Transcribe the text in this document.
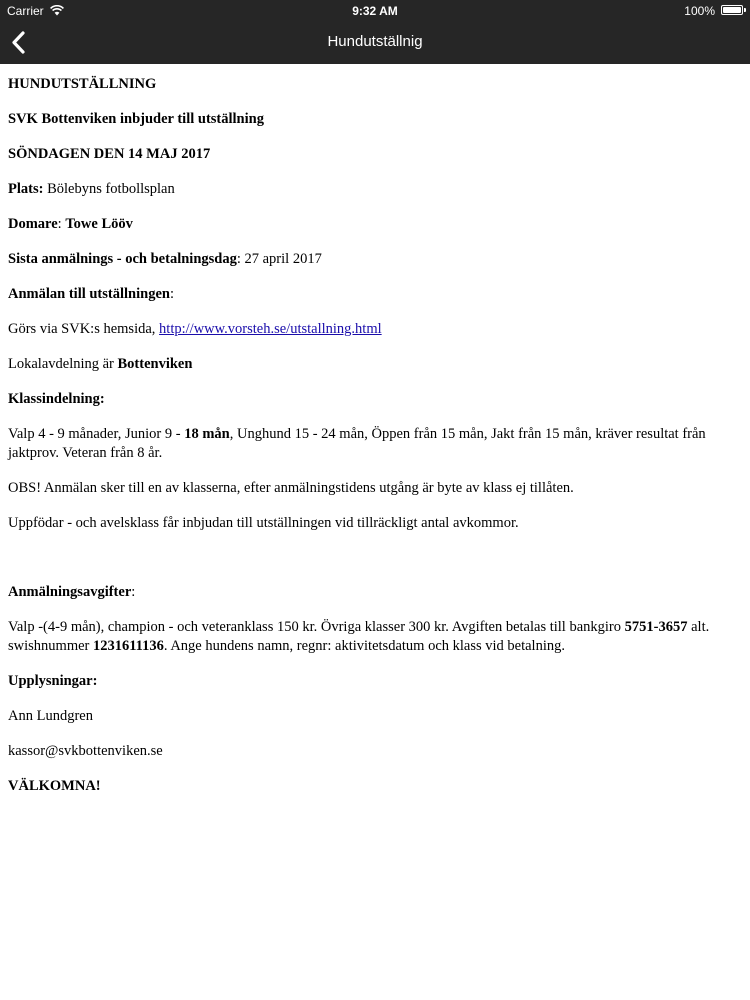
Carrier	9:32 AM	100%
Hundutställnig

HUNDUTSTÄLLNING

SVK Bottenviken inbjuder till utställning

SÖNDAGEN DEN 14 MAJ 2017

Plats: Bölebyns fotbollsplan

Domare: Towe Lööv

Sista anmälnings - och betalningsdag: 27 april 2017

Anmälan till utställningen:

Görs via SVK:s hemsida, http://www.vorsteh.se/utstallning.html

Lokalavdelning är Bottenviken

Klassindelning:

Valp 4 - 9 månader, Junior 9 - 18 mån, Unghund 15 - 24 mån, Öppen från 15 mån, Jakt från 15 mån, kräver resultat från jaktprov. Veteran från 8 år.

OBS! Anmälan sker till en av klasserna, efter anmälningstidens utgång är byte av klass ej tillåten.

Uppfödar - och avelsklass får inbjudan till utställningen vid tillräckligt antal avkommor.

Anmälningsavgifter:

Valp -(4-9 mån), champion - och veteranklass 150 kr. Övriga klasser 300 kr. Avgiften betalas till bankgiro 5751-3657 alt. swishnummer 1231611136. Ange hundens namn, regnr: aktivitetsdatum och klass vid betalning.

Upplysningar:

Ann Lundgren

kassor@svkbottenviken.se

VÄLKOMNA!
